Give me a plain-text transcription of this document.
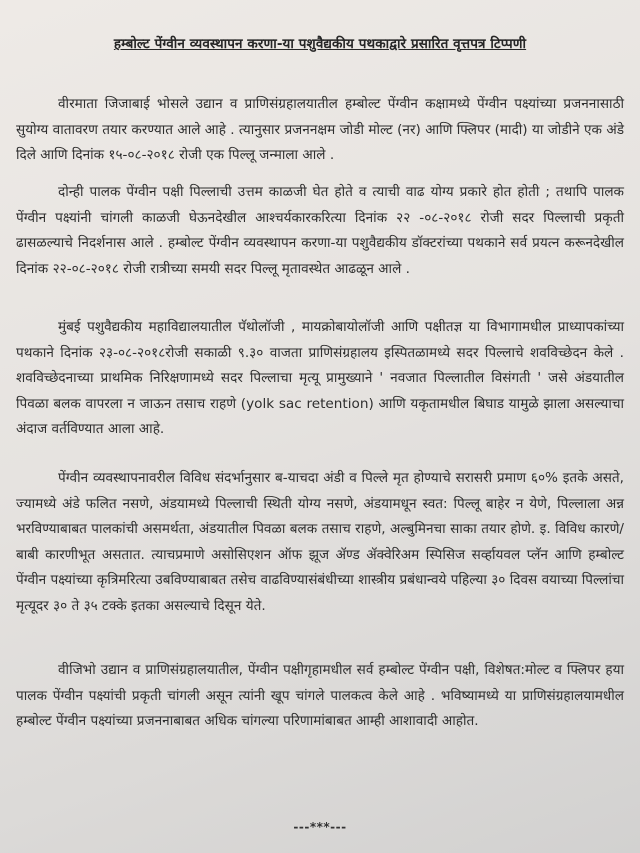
हम्बोल्ट पेंग्वीन व्यवस्थापन करणा-या पशुवैद्यकीय पथकाद्वारे प्रसारित वृत्तपत्र टिप्पणी
वीरमाता जिजाबाई भोसले उद्यान व प्राणिसंग्रहालयातील हम्बोल्ट पेंग्वीन कक्षामध्ये पेंग्वीन पक्ष्यांच्या प्रजननासाठी सुयोग्य वातावरण तयार करण्यात आले आहे . त्यानुसार प्रजननक्षम जोडी मोल्ट (नर) आणि फ्लिपर (मादी) या जोडीने एक अंडे दिले आणि दिनांक १५-०८-२०१८ रोजी एक पिल्लू जन्माला आले .
दोन्ही पालक पेंग्वीन पक्षी पिल्लाची उत्तम काळजी घेत होते व त्याची वाढ योग्य प्रकारे होत होती ; तथापि पालक पेंग्वीन पक्ष्यांनी चांगली काळजी घेऊनदेखील आश्चर्यकारकरित्या दिनांक २२ -०८-२०१८ रोजी सदर पिल्लाची प्रकृती ढासळल्याचे निदर्शनास आले . हम्बोल्ट पेंग्वीन व्यवस्थापन करणा-या पशुवैद्यकीय डॉक्टरांच्या पथकाने सर्व प्रयत्न करूनदेखील दिनांक २२-०८-२०१८ रोजी रात्रीच्या समयी सदर पिल्लू मृतावस्थेत आढळून आले .
मुंबई पशुवैद्यकीय महाविद्यालयातील पॅथोलॉजी , मायक्रोबायोलॉजी आणि पक्षीतज्ञ या विभागामधील प्राध्यापकांच्या पथकाने दिनांक २३-०८-२०१८रोजी सकाळी ९.३० वाजता प्राणिसंग्रहालय इस्पितळामध्ये सदर पिल्लाचे शवविच्छेदन केले . शवविच्छेदनाच्या प्राथमिक निरिक्षणामध्ये सदर पिल्लाचा मृत्यू प्रामुख्याने ' नवजात पिल्लातील विसंगती ' जसे अंडयातील पिवळा बलक वापरला न जाऊन तसाच राहणे (yolk sac retention) आणि यकृतामधील बिघाड यामुळे झाला असल्याचा अंदाज वर्तविण्यात आला आहे.
पेंग्वीन व्यवस्थापनावरील विविध संदर्भानुसार ब-याचदा अंडी व पिल्ले मृत होण्याचे सरासरी प्रमाण ६०% इतके असते, ज्यामध्ये अंडे फलित नसणे, अंडयामध्ये पिल्लाची स्थिती योग्य नसणे, अंडयामधून स्वत: पिल्लू बाहेर न येणे, पिल्लाला अन्न भरविण्याबाबत पालकांची असमर्थता, अंडयातील पिवळा बलक तसाच राहणे, अल्बुमिनचा साका तयार होणे. इ. विविध कारणे/बाबी कारणीभूत असतात. त्याचप्रमाणे असोसिएशन ऑफ झूज ॲण्ड ॲक्वेरिअम स्पिसिज सर्व्हायवल प्लॅन आणि हम्बोल्ट पेंग्वीन पक्ष्यांच्या कृत्रिमरित्या उबविण्याबाबत तसेच वाढविण्यासंबंधीच्या शास्त्रीय प्रबंधान्वये पहिल्या ३० दिवस वयाच्या पिल्लांचा मृत्यूदर ३० ते ३५ टक्के इतका असल्याचे दिसून येते.
वीजिभो उद्यान व प्राणिसंग्रहालयातील, पेंग्वीन पक्षीगृहामधील सर्व हम्बोल्ट पेंग्वीन पक्षी, विशेषत:मोल्ट व फ्लिपर हया पालक पेंग्वीन पक्ष्यांची प्रकृती चांगली असून त्यांनी खूप चांगले पालकत्व केले आहे . भविष्यामध्ये या प्राणिसंग्रहालयामधील हम्बोल्ट पेंग्वीन पक्ष्यांच्या प्रजननाबाबत अधिक चांगल्या परिणामांबाबत आम्ही आशावादी आहोत.
---***---
